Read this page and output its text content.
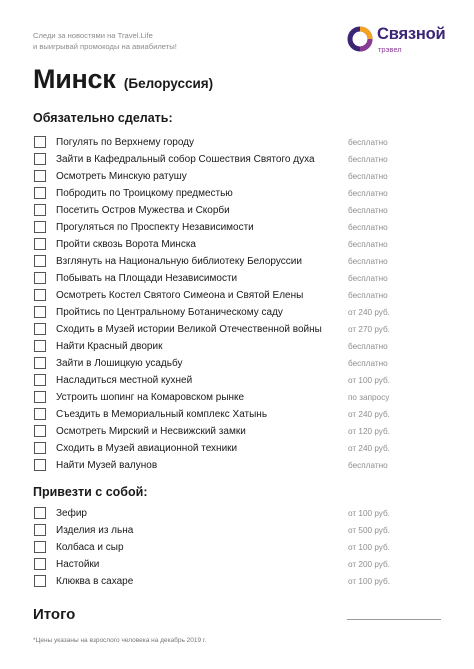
Следи за новостями на Travel.Life
и выигрывай промокоды на авиабилеты!
Связной
трэвел
Минск (Белоруссия)
Обязательно сделать:
Погулять по Верхнему городу	бесплатно
Зайти в Кафедральный собор Сошествия Святого духа	бесплатно
Осмотреть Минскую ратушу	бесплатно
Побродить по Троицкому предместью	бесплатно
Посетить Остров Мужества и Скорби	бесплатно
Прогуляться по Проспекту Независимости	бесплатно
Пройти сквозь Ворота Минска	бесплатно
Взглянуть на Национальную библиотеку Белоруссии	бесплатно
Побывать на Площади Независимости	бесплатно
Осмотреть Костел Святого Симеона и Святой Елены	бесплатно
Пройтись по Центральному Ботаническому саду	от 240 руб.
Сходить в Музей истории Великой Отечественной войны	от 270 руб.
Найти Красный дворик	бесплатно
Зайти в Лошицкую усадьбу	бесплатно
Насладиться местной кухней	от 100 руб.
Устроить шопинг на Комаровском рынке	по запросу
Съездить в Мемориальный комплекс Хатынь	от 240 руб.
Осмотреть Мирский и Несвижский замки	от 120 руб.
Сходить в Музей авиационной техники	от 240 руб.
Найти Музей валунов	бесплатно
Привезти с собой:
Зефир	от 100 руб.
Изделия из льна	от 500 руб.
Колбаса и сыр	от 100 руб.
Настойки	от 200 руб.
Клюква в сахаре	от 100 руб.
Итого
*Цены указаны на взрослого человека на декабрь 2019 г.
